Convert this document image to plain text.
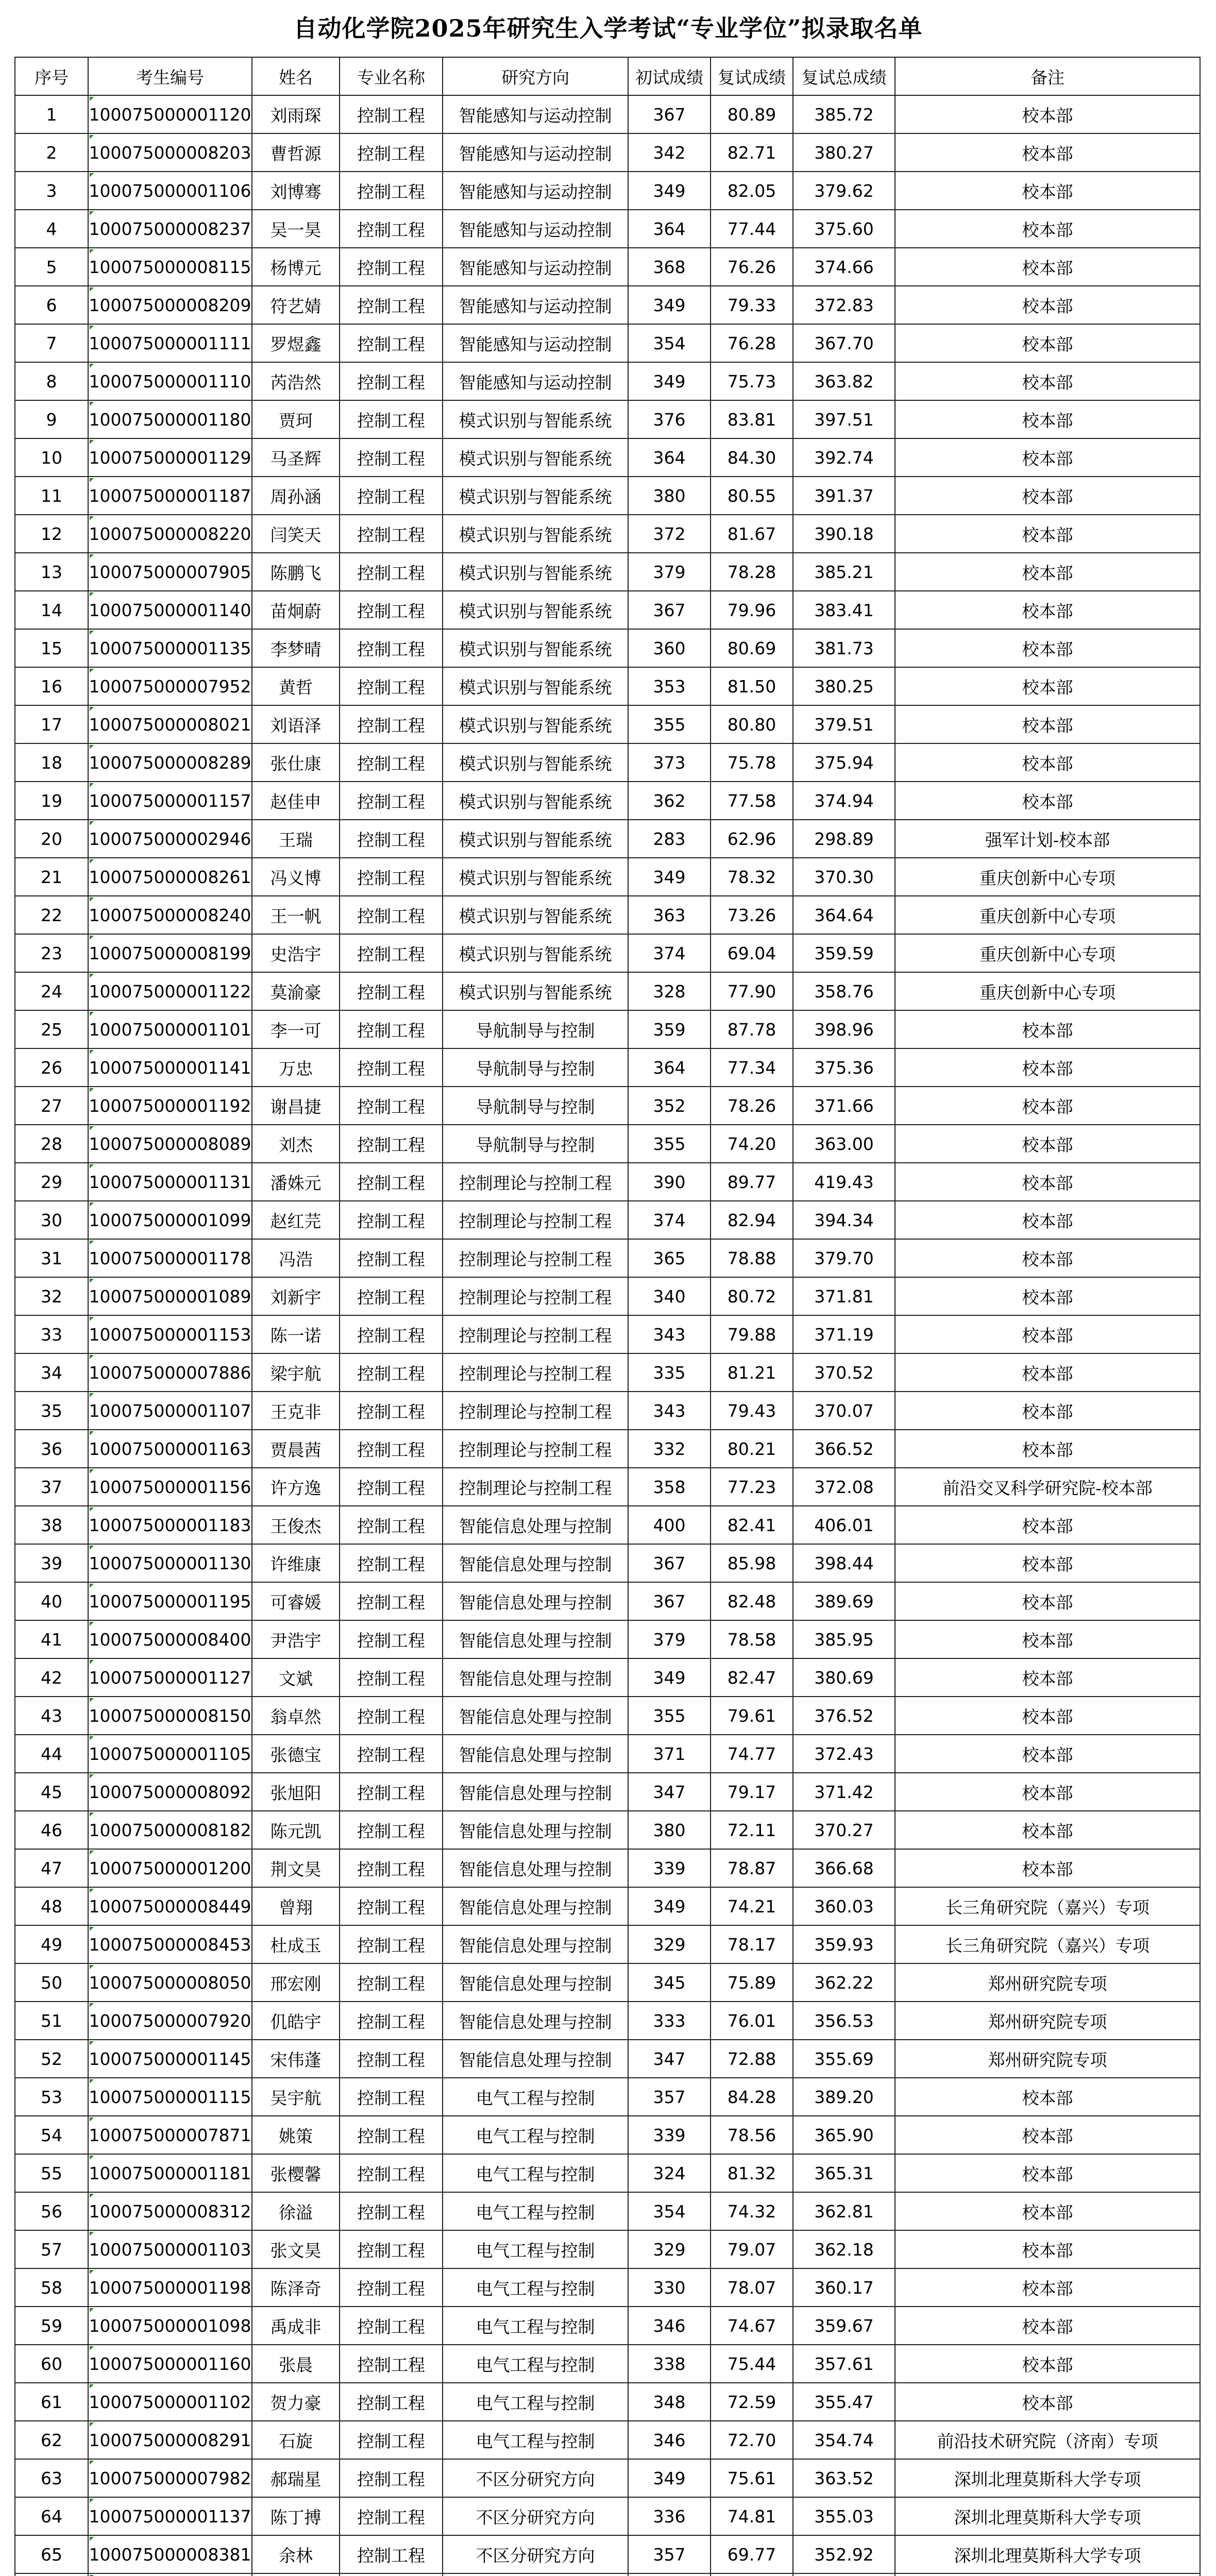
自动化学院2025年研究生入学考试“专业学位”拟录取名单
序号	考生编号	姓名	专业名称	研究方向	初试成绩	复试成绩	复试总成绩	备注
1	100075000001120	刘雨琛	控制工程	智能感知与运动控制	367	80.89	385.72	校本部
2	100075000008203	曹哲源	控制工程	智能感知与运动控制	342	82.71	380.27	校本部
3	100075000001106	刘博骞	控制工程	智能感知与运动控制	349	82.05	379.62	校本部
4	100075000008237	吴一昊	控制工程	智能感知与运动控制	364	77.44	375.60	校本部
5	100075000008115	杨博元	控制工程	智能感知与运动控制	368	76.26	374.66	校本部
6	100075000008209	符艺婧	控制工程	智能感知与运动控制	349	79.33	372.83	校本部
7	100075000001111	罗煜鑫	控制工程	智能感知与运动控制	354	76.28	367.70	校本部
8	100075000001110	芮浩然	控制工程	智能感知与运动控制	349	75.73	363.82	校本部
9	100075000001180	贾珂	控制工程	模式识别与智能系统	376	83.81	397.51	校本部
10	100075000001129	马圣辉	控制工程	模式识别与智能系统	364	84.30	392.74	校本部
11	100075000001187	周孙涵	控制工程	模式识别与智能系统	380	80.55	391.37	校本部
12	100075000008220	闫笑天	控制工程	模式识别与智能系统	372	81.67	390.18	校本部
13	100075000007905	陈鹏飞	控制工程	模式识别与智能系统	379	78.28	385.21	校本部
14	100075000001140	苗炯蔚	控制工程	模式识别与智能系统	367	79.96	383.41	校本部
15	100075000001135	李梦晴	控制工程	模式识别与智能系统	360	80.69	381.73	校本部
16	100075000007952	黄哲	控制工程	模式识别与智能系统	353	81.50	380.25	校本部
17	100075000008021	刘语泽	控制工程	模式识别与智能系统	355	80.80	379.51	校本部
18	100075000008289	张仕康	控制工程	模式识别与智能系统	373	75.78	375.94	校本部
19	100075000001157	赵佳申	控制工程	模式识别与智能系统	362	77.58	374.94	校本部
20	100075000002946	王瑞	控制工程	模式识别与智能系统	283	62.96	298.89	强军计划-校本部
21	100075000008261	冯义博	控制工程	模式识别与智能系统	349	78.32	370.30	重庆创新中心专项
22	100075000008240	王一帆	控制工程	模式识别与智能系统	363	73.26	364.64	重庆创新中心专项
23	100075000008199	史浩宇	控制工程	模式识别与智能系统	374	69.04	359.59	重庆创新中心专项
24	100075000001122	莫渝豪	控制工程	模式识别与智能系统	328	77.90	358.76	重庆创新中心专项
25	100075000001101	李一可	控制工程	导航制导与控制	359	87.78	398.96	校本部
26	100075000001141	万忠	控制工程	导航制导与控制	364	77.34	375.36	校本部
27	100075000001192	谢昌捷	控制工程	导航制导与控制	352	78.26	371.66	校本部
28	100075000008089	刘杰	控制工程	导航制导与控制	355	74.20	363.00	校本部
29	100075000001131	潘姝元	控制工程	控制理论与控制工程	390	89.77	419.43	校本部
30	100075000001099	赵红芫	控制工程	控制理论与控制工程	374	82.94	394.34	校本部
31	100075000001178	冯浩	控制工程	控制理论与控制工程	365	78.88	379.70	校本部
32	100075000001089	刘新宇	控制工程	控制理论与控制工程	340	80.72	371.81	校本部
33	100075000001153	陈一诺	控制工程	控制理论与控制工程	343	79.88	371.19	校本部
34	100075000007886	梁宇航	控制工程	控制理论与控制工程	335	81.21	370.52	校本部
35	100075000001107	王克非	控制工程	控制理论与控制工程	343	79.43	370.07	校本部
36	100075000001163	贾晨茜	控制工程	控制理论与控制工程	332	80.21	366.52	校本部
37	100075000001156	许方逸	控制工程	控制理论与控制工程	358	77.23	372.08	前沿交叉科学研究院-校本部
38	100075000001183	王俊杰	控制工程	智能信息处理与控制	400	82.41	406.01	校本部
39	100075000001130	许维康	控制工程	智能信息处理与控制	367	85.98	398.44	校本部
40	100075000001195	可睿媛	控制工程	智能信息处理与控制	367	82.48	389.69	校本部
41	100075000008400	尹浩宇	控制工程	智能信息处理与控制	379	78.58	385.95	校本部
42	100075000001127	文斌	控制工程	智能信息处理与控制	349	82.47	380.69	校本部
43	100075000008150	翁卓然	控制工程	智能信息处理与控制	355	79.61	376.52	校本部
44	100075000001105	张德宝	控制工程	智能信息处理与控制	371	74.77	372.43	校本部
45	100075000008092	张旭阳	控制工程	智能信息处理与控制	347	79.17	371.42	校本部
46	100075000008182	陈元凯	控制工程	智能信息处理与控制	380	72.11	370.27	校本部
47	100075000001200	荆文昊	控制工程	智能信息处理与控制	339	78.87	366.68	校本部
48	100075000008449	曾翔	控制工程	智能信息处理与控制	349	74.21	360.03	长三角研究院（嘉兴）专项
49	100075000008453	杜成玉	控制工程	智能信息处理与控制	329	78.17	359.93	长三角研究院（嘉兴）专项
50	100075000008050	邢宏刚	控制工程	智能信息处理与控制	345	75.89	362.22	郑州研究院专项
51	100075000007920	仉皓宇	控制工程	智能信息处理与控制	333	76.01	356.53	郑州研究院专项
52	100075000001145	宋伟蓬	控制工程	智能信息处理与控制	347	72.88	355.69	郑州研究院专项
53	100075000001115	吴宇航	控制工程	电气工程与控制	357	84.28	389.20	校本部
54	100075000007871	姚策	控制工程	电气工程与控制	339	78.56	365.90	校本部
55	100075000001181	张樱馨	控制工程	电气工程与控制	324	81.32	365.31	校本部
56	100075000008312	徐溢	控制工程	电气工程与控制	354	74.32	362.81	校本部
57	100075000001103	张文昊	控制工程	电气工程与控制	329	79.07	362.18	校本部
58	100075000001198	陈泽奇	控制工程	电气工程与控制	330	78.07	360.17	校本部
59	100075000001098	禹成非	控制工程	电气工程与控制	346	74.67	359.67	校本部
60	100075000001160	张晨	控制工程	电气工程与控制	338	75.44	357.61	校本部
61	100075000001102	贺力豪	控制工程	电气工程与控制	348	72.59	355.47	校本部
62	100075000008291	石旋	控制工程	电气工程与控制	346	72.70	354.74	前沿技术研究院（济南）专项
63	100075000007982	郝瑞星	控制工程	不区分研究方向	349	75.61	363.52	深圳北理莫斯科大学专项
64	100075000001137	陈丁搏	控制工程	不区分研究方向	336	74.81	355.03	深圳北理莫斯科大学专项
65	100075000008381	余林	控制工程	不区分研究方向	357	69.77	352.92	深圳北理莫斯科大学专项
